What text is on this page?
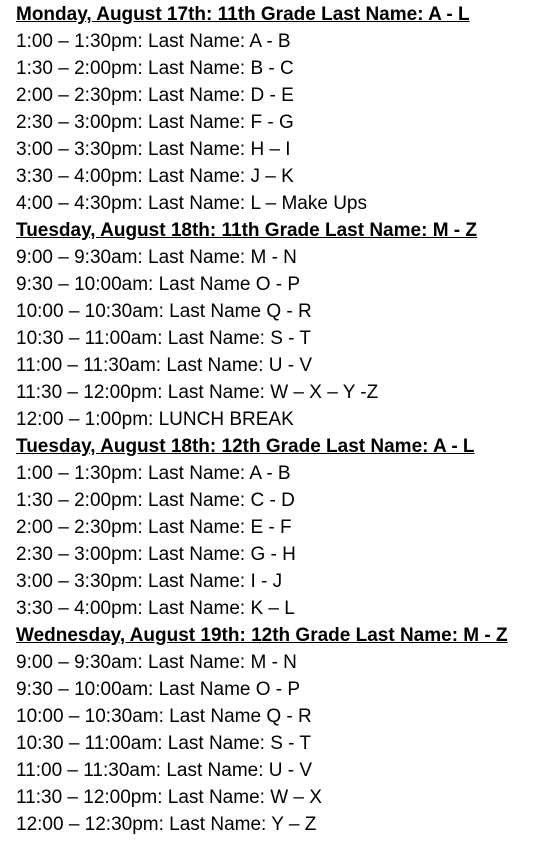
Monday, August 17th: 11th Grade Last Name: A - L
1:00 – 1:30pm: Last Name: A - B
1:30 – 2:00pm: Last Name: B - C
2:00 – 2:30pm: Last Name: D - E
2:30 – 3:00pm: Last Name: F - G
3:00 – 3:30pm: Last Name: H – I
3:30 – 4:00pm: Last Name: J – K
4:00 – 4:30pm: Last Name: L – Make Ups
Tuesday, August 18th: 11th Grade Last Name: M - Z
9:00 – 9:30am: Last Name: M - N
9:30 – 10:00am: Last Name O - P
10:00 – 10:30am: Last Name Q - R
10:30 – 11:00am: Last Name: S - T
11:00 – 11:30am: Last Name: U - V
11:30 – 12:00pm: Last Name: W – X – Y -Z
12:00 – 1:00pm: LUNCH BREAK
Tuesday, August 18th: 12th Grade Last Name: A - L
1:00 – 1:30pm: Last Name: A - B
1:30 – 2:00pm: Last Name: C - D
2:00 – 2:30pm: Last Name: E - F
2:30 – 3:00pm: Last Name: G - H
3:00 – 3:30pm: Last Name: I - J
3:30 – 4:00pm: Last Name: K – L
Wednesday, August 19th: 12th Grade Last Name: M - Z
9:00 – 9:30am: Last Name: M - N
9:30 – 10:00am: Last Name O - P
10:00 – 10:30am: Last Name Q - R
10:30 – 11:00am: Last Name: S - T
11:00 – 11:30am: Last Name: U - V
11:30 – 12:00pm: Last Name: W – X
12:00 – 12:30pm: Last Name: Y – Z
